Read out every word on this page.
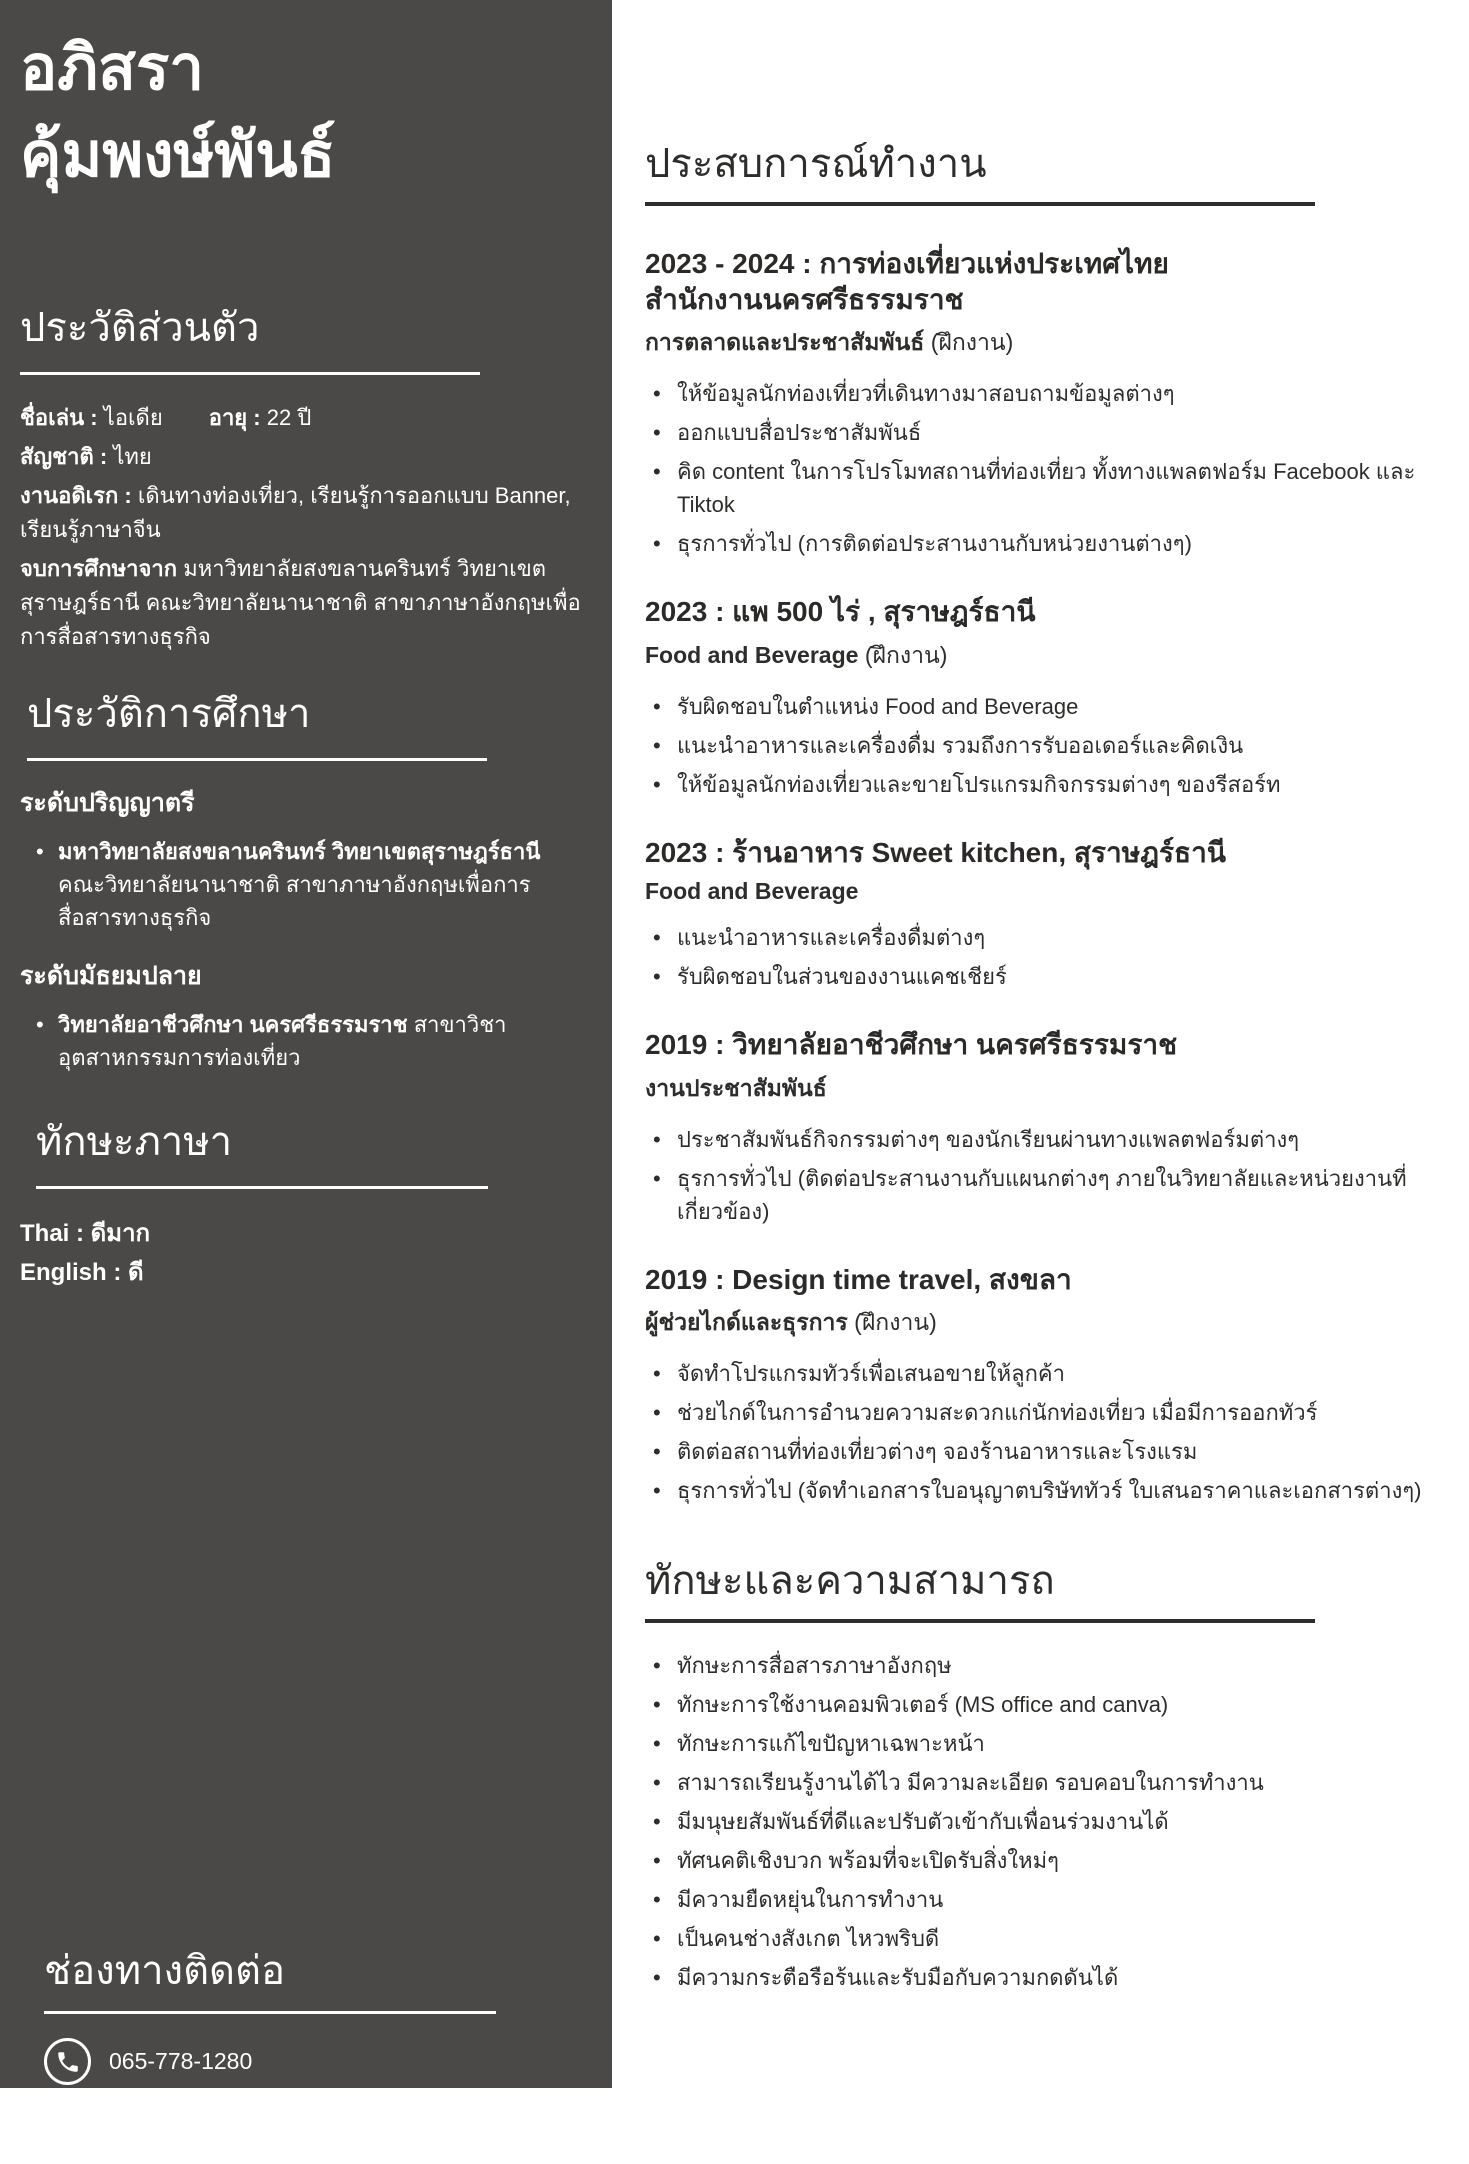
อภิสรา
คุ้มพงษ์พันธ์
ประวัติส่วนตัว

ชื่อเล่น : ไอเดีย อายุ : 22 ปี

สัญชาติ : ไทย

งานอดิเรก : เดินทางท่องเที่ยว, เรียนรู้การออกแบบ Banner, เรียนรู้ภาษาจีน

จบการศึกษาจาก มหาวิทยาลัยสงขลานครินทร์ วิทยาเขตสุราษฎร์ธานี คณะวิทยาลัยนานาชาติ สาขาภาษาอังกฤษเพื่อการสื่อสารทางธุรกิจ

ประวัติการศึกษา
ระดับปริญญาตรี
• มหาวิทยาลัยสงขลานครินทร์ วิทยาเขตสุราษฎร์ธานี คณะวิทยาลัยนานาชาติ สาขาภาษาอังกฤษเพื่อการสื่อสารทางธุรกิจ
ระดับมัธยมปลาย
• วิทยาลัยอาชีวศึกษา นครศรีธรรมราช สาขาวิชา อุตสาหกรรมการท่องเที่ยว
ทักษะภาษา

Thai : ดีมาก

English : ดี

ช่องทางติดต่อ
065-778-1280
apitsara10011@gmail.com
ประสบการณ์ทำงาน
2023 - 2024 : การท่องเที่ยวแห่งประเทศไทย
สำนักงานนครศรีธรรมราช

การตลาดและประชาสัมพันธ์ (ฝึกงาน)

• ให้ข้อมูลนักท่องเที่ยวที่เดินทางมาสอบถามข้อมูลต่างๆ
• ออกแบบสื่อประชาสัมพันธ์
• คิด content ในการโปรโมทสถานที่ท่องเที่ยว ทั้งทางแพลตฟอร์ม Facebook และ Tiktok
• ธุรการทั่วไป (การติดต่อประสานงานกับหน่วยงานต่างๆ)
2023 : แพ 500 ไร่ , สุราษฎร์ธานี

Food and Beverage (ฝึกงาน)

• รับผิดชอบในตำแหน่ง Food and Beverage
• แนะนำอาหารและเครื่องดื่ม รวมถึงการรับออเดอร์และคิดเงิน
• ให้ข้อมูลนักท่องเที่ยวและขายโปรแกรมกิจกรรมต่างๆ ของรีสอร์ท
2023 : ร้านอาหาร Sweet kitchen, สุราษฎร์ธานี

Food and Beverage

• แนะนำอาหารและเครื่องดื่มต่างๆ
• รับผิดชอบในส่วนของงานแคชเชียร์
2019 : วิทยาลัยอาชีวศึกษา นครศรีธรรมราช

งานประชาสัมพันธ์

• ประชาสัมพันธ์กิจกรรมต่างๆ ของนักเรียนผ่านทางแพลตฟอร์มต่างๆ
• ธุรการทั่วไป (ติดต่อประสานงานกับแผนกต่างๆ ภายในวิทยาลัยและหน่วยงานที่เกี่ยวข้อง)
2019 : Design time travel, สงขลา

ผู้ช่วยไกด์และธุรการ (ฝึกงาน)

• จัดทำโปรแกรมทัวร์เพื่อเสนอขายให้ลูกค้า
• ช่วยไกด์ในการอำนวยความสะดวกแก่นักท่องเที่ยว เมื่อมีการออกทัวร์
• ติดต่อสถานที่ท่องเที่ยวต่างๆ จองร้านอาหารและโรงแรม
• ธุรการทั่วไป (จัดทำเอกสารใบอนุญาตบริษัททัวร์ ใบเสนอราคาและเอกสารต่างๆ)
ทักษะและความสามารถ
• ทักษะการสื่อสารภาษาอังกฤษ
• ทักษะการใช้งานคอมพิวเตอร์ (MS office and canva)
• ทักษะการแก้ไขปัญหาเฉพาะหน้า
• สามารถเรียนรู้งานได้ไว มีความละเอียด รอบคอบในการทำงาน
• มีมนุษยสัมพันธ์ที่ดีและปรับตัวเข้ากับเพื่อนร่วมงานได้
• ทัศนคติเชิงบวก พร้อมที่จะเปิดรับสิ่งใหม่ๆ
• มีความยืดหยุ่นในการทำงาน
• เป็นคนช่างสังเกต ไหวพริบดี
• มีความกระตือรือร้นและรับมือกับความกดดันได้
